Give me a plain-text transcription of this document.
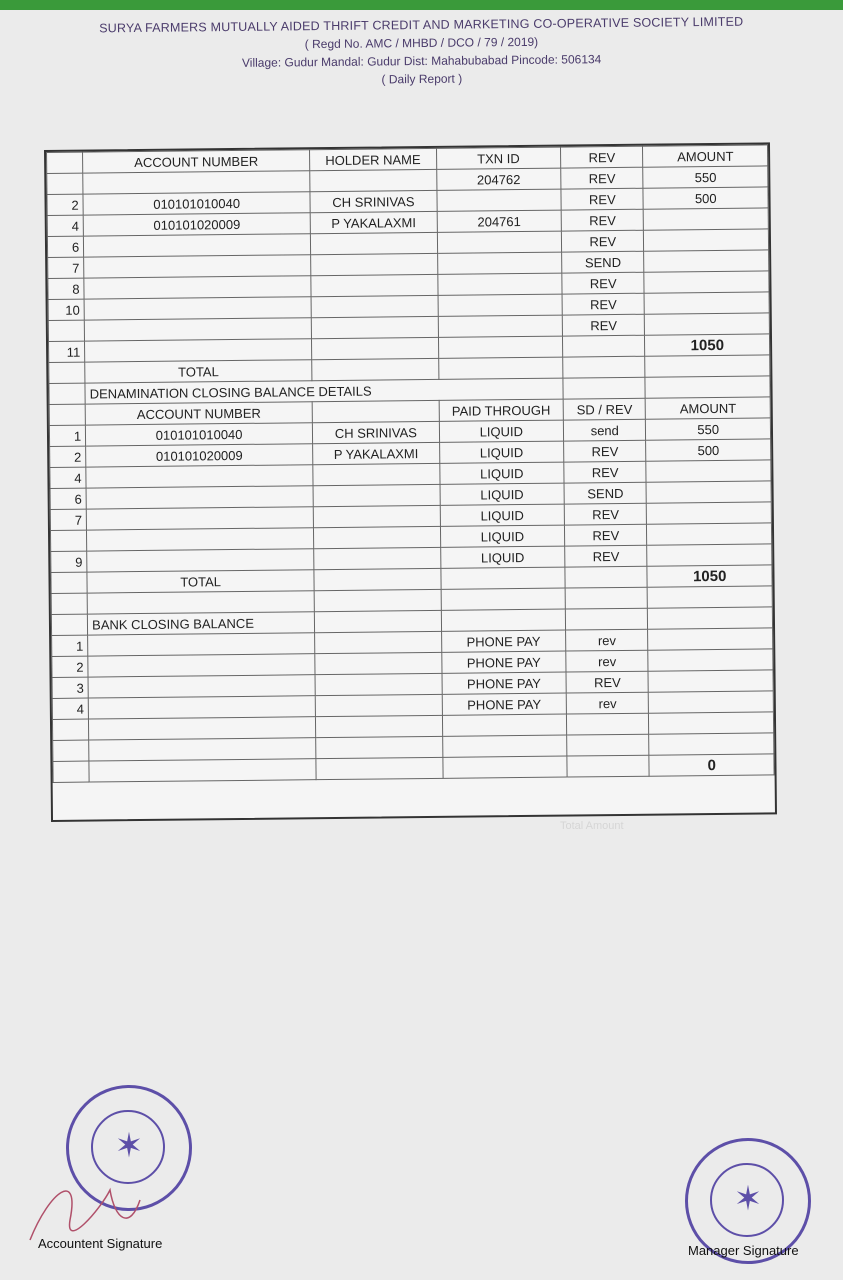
SURYA FARMERS MUTUALLY AIDED THRIFT CREDIT AND MARKETING CO-OPERATIVE SOCIETY LIMITED
( Regd No. AMC / MHBD / DCO / 79 / 2019)
Village: Gudur Mandal: Gudur Dist: Mahabubabad Pincode: 506134
( Daily Report )
	ACCOUNT NUMBER	HOLDER NAME	TXN ID	REV	AMOUNT
			204762	REV	550
2	010101010040	CH SRINIVAS		REV	500
4	010101020009	P YAKALAXMI	204761	REV	
6				REV	
7				SEND	
8				REV	
10				REV	
				REV	
11					1050
	TOTAL				
	DENAMINATION CLOSING BALANCE DETAILS				
	ACCOUNT NUMBER		PAID THROUGH	SD / REV	AMOUNT
1	010101010040	CH SRINIVAS	LIQUID	send	550
2	010101020009	P YAKALAXMI	LIQUID	REV	500
4			LIQUID	REV	
6			LIQUID	SEND	
7			LIQUID	REV	
			LIQUID	REV	
9			LIQUID	REV	
	TOTAL				1050

	BANK CLOSING BALANCE				
1			PHONE PAY	rev	
2			PHONE PAY	rev	
3			PHONE PAY	REV	
4			PHONE PAY	rev	

					0
Total Amount
✶
✶
Accountent Signature	Manager Signature
